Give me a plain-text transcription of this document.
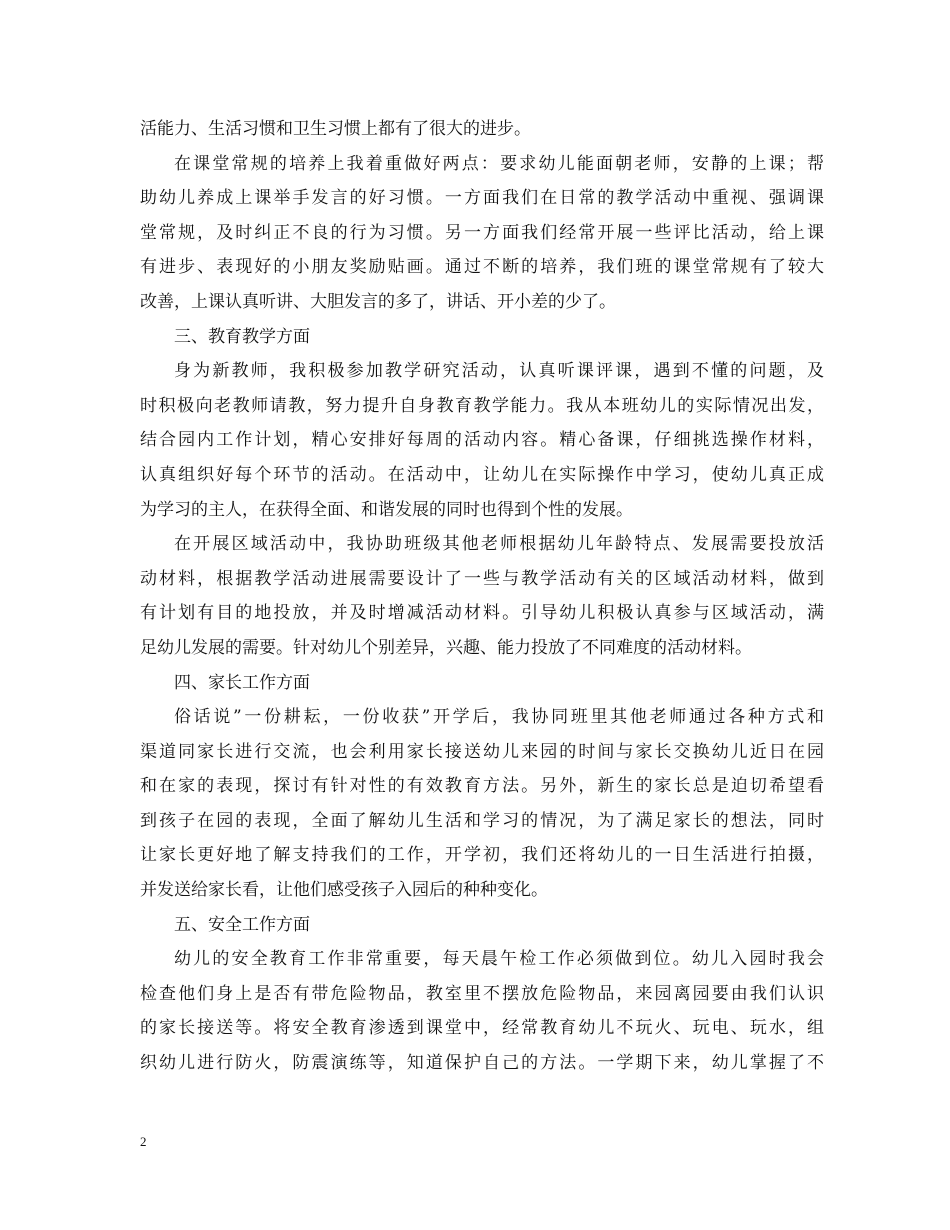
活能力、生活习惯和卫生习惯上都有了很大的进步。
在课堂常规的培养上我着重做好两点：要求幼儿能面朝老师，安静的上课；帮
助幼儿养成上课举手发言的好习惯。一方面我们在日常的教学活动中重视、强调课
堂常规，及时纠正不良的行为习惯。另一方面我们经常开展一些评比活动，给上课
有进步、表现好的小朋友奖励贴画。通过不断的培养，我们班的课堂常规有了较大
改善，上课认真听讲、大胆发言的多了，讲话、开小差的少了。
三、教育教学方面
身为新教师，我积极参加教学研究活动，认真听课评课，遇到不懂的问题，及
时积极向老教师请教，努力提升自身教育教学能力。我从本班幼儿的实际情况出发，
结合园内工作计划，精心安排好每周的活动内容。精心备课，仔细挑选操作材料，
认真组织好每个环节的活动。在活动中，让幼儿在实际操作中学习，使幼儿真正成
为学习的主人，在获得全面、和谐发展的同时也得到个性的发展。
在开展区域活动中，我协助班级其他老师根据幼儿年龄特点、发展需要投放活
动材料，根据教学活动进展需要设计了一些与教学活动有关的区域活动材料，做到
有计划有目的地投放，并及时增减活动材料。引导幼儿积极认真参与区域活动，满
足幼儿发展的需要。针对幼儿个别差异，兴趣、能力投放了不同难度的活动材料。
四、家长工作方面
俗话说”一份耕耘，一份收获”开学后，我协同班里其他老师通过各种方式和
渠道同家长进行交流，也会利用家长接送幼儿来园的时间与家长交换幼儿近日在园
和在家的表现，探讨有针对性的有效教育方法。另外，新生的家长总是迫切希望看
到孩子在园的表现，全面了解幼儿生活和学习的情况，为了满足家长的想法，同时
让家长更好地了解支持我们的工作，开学初，我们还将幼儿的一日生活进行拍摄，
并发送给家长看，让他们感受孩子入园后的种种变化。
五、安全工作方面
幼儿的安全教育工作非常重要，每天晨午检工作必须做到位。幼儿入园时我会
检查他们身上是否有带危险物品，教室里不摆放危险物品，来园离园要由我们认识
的家长接送等。将安全教育渗透到课堂中，经常教育幼儿不玩火、玩电、玩水，组
织幼儿进行防火，防震演练等，知道保护自己的方法。一学期下来，幼儿掌握了不
2
